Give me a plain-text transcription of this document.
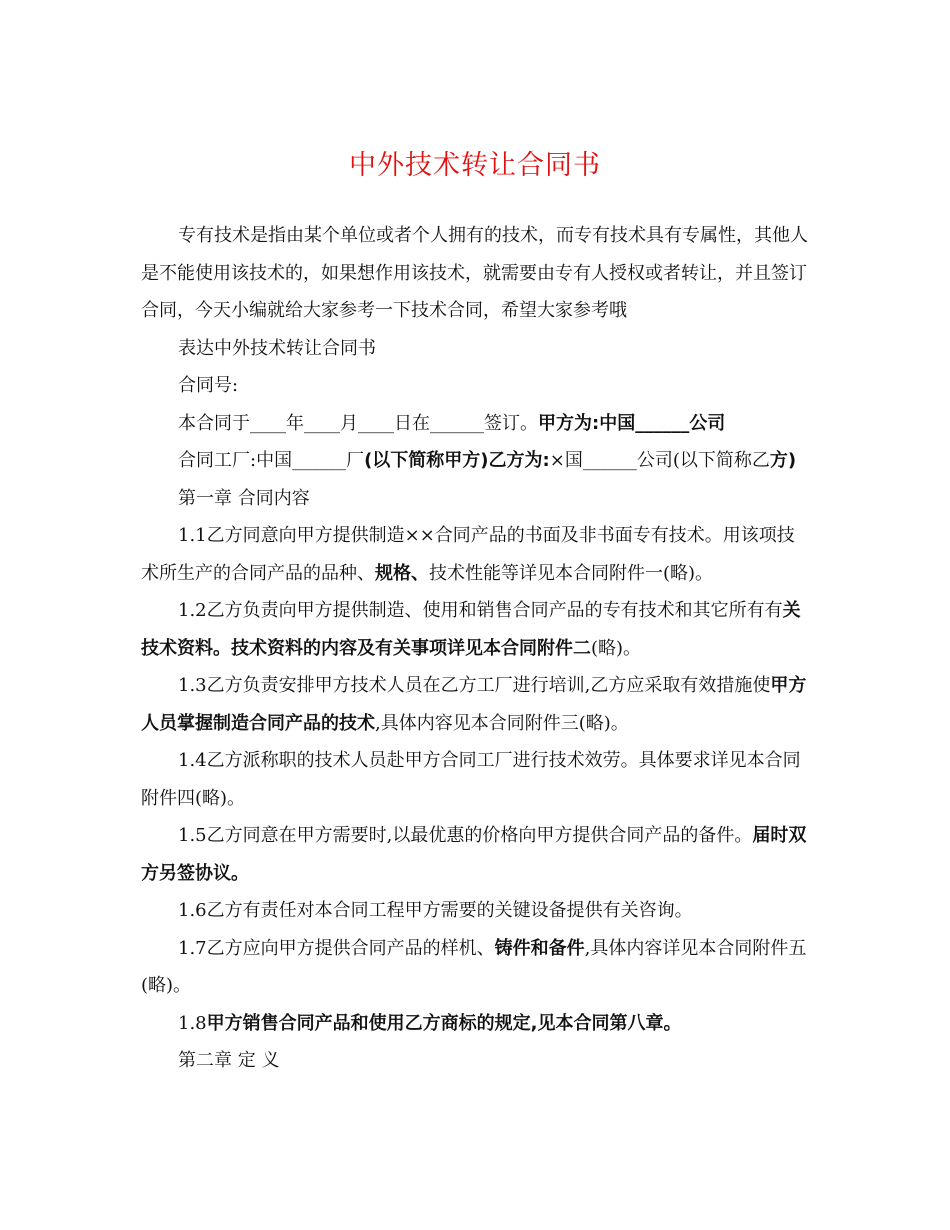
中外技术转让合同书

专有技术是指由某个单位或者个人拥有的技术，而专有技术具有专属性，其他人是不能使用该技术的，如果想作用该技术，就需要由专有人授权或者转让，并且签订合同，今天小编就给大家参考一下技术合同，希望大家参考哦

表达中外技术转让合同书

合同号:

本合同于____年____月____日在______签订。甲方为:中国______公司

合同工厂:中国______厂(以下简称甲方)乙方为:×国______公司(以下简称乙方)

第一章 合同内容

1.1乙方同意向甲方提供制造××合同产品的书面及非书面专有技术。用该项技术所生产的合同产品的品种、规格、技术性能等详见本合同附件一(略)。

1.2乙方负责向甲方提供制造、使用和销售合同产品的专有技术和其它所有有关技术资料。技术资料的内容及有关事项详见本合同附件二(略)。

1.3乙方负责安排甲方技术人员在乙方工厂进行培训,乙方应采取有效措施使甲方人员掌握制造合同产品的技术,具体内容见本合同附件三(略)。

1.4乙方派称职的技术人员赴甲方合同工厂进行技术效劳。具体要求详见本合同附件四(略)。

1.5乙方同意在甲方需要时,以最优惠的价格向甲方提供合同产品的备件。届时双方另签协议。

1.6乙方有责任对本合同工程甲方需要的关键设备提供有关咨询。

1.7乙方应向甲方提供合同产品的样机、铸件和备件,具体内容详见本合同附件五(略)。

1.8甲方销售合同产品和使用乙方商标的规定,见本合同第八章。

第二章 定 义
